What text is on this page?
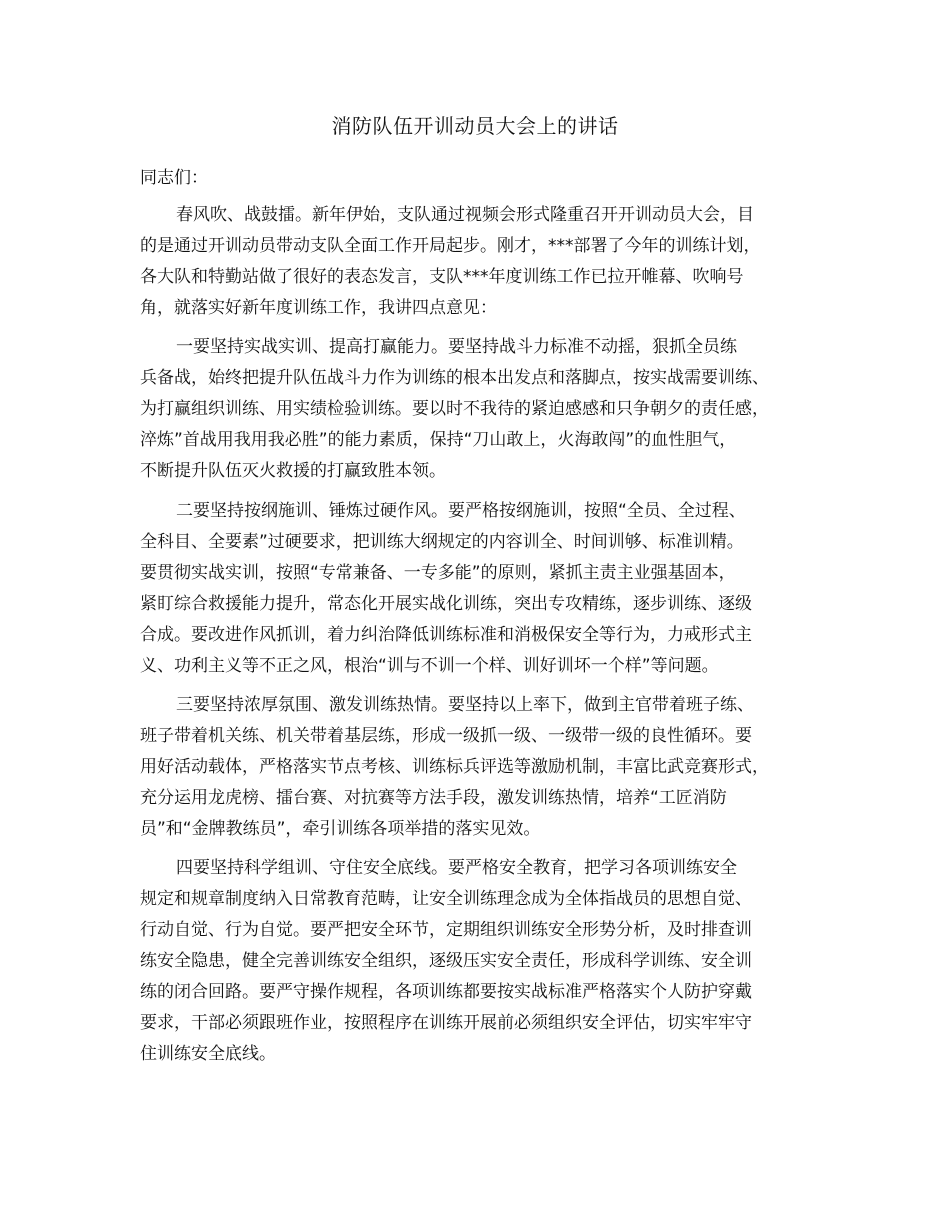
消防队伍开训动员大会上的讲话
同志们：
春风吹、战鼓擂。新年伊始，支队通过视频会形式隆重召开开训动员大会，目
的是通过开训动员带动支队全面工作开局起步。刚才，***部署了今年的训练计划，
各大队和特勤站做了很好的表态发言，支队***年度训练工作已拉开帷幕、吹响号
角，就落实好新年度训练工作，我讲四点意见：
一要坚持实战实训、提高打赢能力。要坚持战斗力标准不动摇，狠抓全员练
兵备战，始终把提升队伍战斗力作为训练的根本出发点和落脚点，按实战需要训练、
为打赢组织训练、用实绩检验训练。要以时不我待的紧迫感感和只争朝夕的责任感，
淬炼”首战用我用我必胜”的能力素质，保持“刀山敢上，火海敢闯”的血性胆气，
不断提升队伍灭火救援的打赢致胜本领。
二要坚持按纲施训、锤炼过硬作风。要严格按纲施训，按照“全员、全过程、
全科目、全要素”过硬要求，把训练大纲规定的内容训全、时间训够、标准训精。
要贯彻实战实训，按照“专常兼备、一专多能”的原则，紧抓主责主业强基固本，
紧盯综合救援能力提升，常态化开展实战化训练，突出专攻精练，逐步训练、逐级
合成。要改进作风抓训，着力纠治降低训练标准和消极保安全等行为，力戒形式主
义、功利主义等不正之风，根治“训与不训一个样、训好训坏一个样”等问题。
三要坚持浓厚氛围、激发训练热情。要坚持以上率下，做到主官带着班子练、
班子带着机关练、机关带着基层练，形成一级抓一级、一级带一级的良性循环。要
用好活动载体，严格落实节点考核、训练标兵评选等激励机制，丰富比武竞赛形式，
充分运用龙虎榜、擂台赛、对抗赛等方法手段，激发训练热情，培养“工匠消防
员”和“金牌教练员”，牵引训练各项举措的落实见效。
四要坚持科学组训、守住安全底线。要严格安全教育，把学习各项训练安全
规定和规章制度纳入日常教育范畴，让安全训练理念成为全体指战员的思想自觉、
行动自觉、行为自觉。要严把安全环节，定期组织训练安全形势分析，及时排查训
练安全隐患，健全完善训练安全组织，逐级压实安全责任，形成科学训练、安全训
练的闭合回路。要严守操作规程，各项训练都要按实战标准严格落实个人防护穿戴
要求，干部必须跟班作业，按照程序在训练开展前必须组织安全评估，切实牢牢守
住训练安全底线。
